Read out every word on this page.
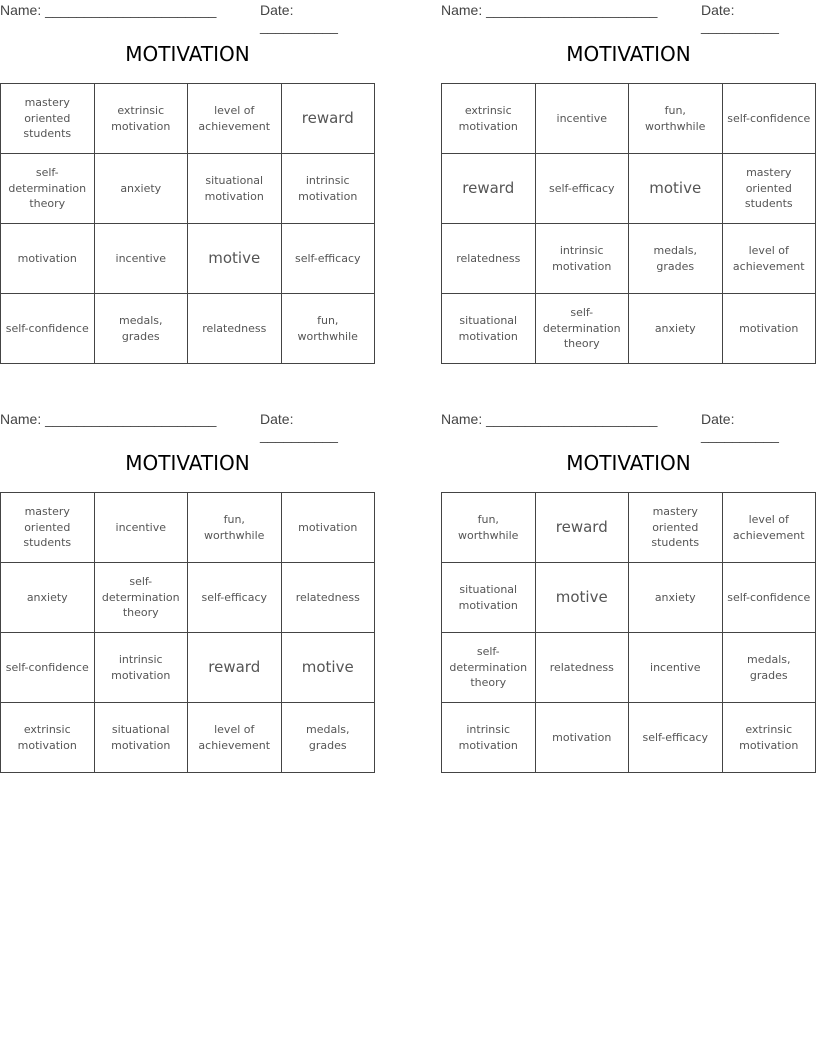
Name: ______________________	Date: __________
MOTIVATION
mastery oriented students	extrinsic motivation	level of achievement	reward
self-determination theory	anxiety	situational motivation	intrinsic motivation
motivation	incentive	motive	self-efficacy
self-confidence	medals, grades	relatedness	fun, worthwhile
Name: ______________________	Date: __________
MOTIVATION
extrinsic motivation	incentive	fun, worthwhile	self-confidence
reward	self-efficacy	motive	mastery oriented students
relatedness	intrinsic motivation	medals, grades	level of achievement
situational motivation	self-determination theory	anxiety	motivation
Name: ______________________	Date: __________
MOTIVATION
mastery oriented students	incentive	fun, worthwhile	motivation
anxiety	self-determination theory	self-efficacy	relatedness
self-confidence	intrinsic motivation	reward	motive
extrinsic motivation	situational motivation	level of achievement	medals, grades
Name: ______________________	Date: __________
MOTIVATION
fun, worthwhile	reward	mastery oriented students	level of achievement
situational motivation	motive	anxiety	self-confidence
self-determination theory	relatedness	incentive	medals, grades
intrinsic motivation	motivation	self-efficacy	extrinsic motivation
